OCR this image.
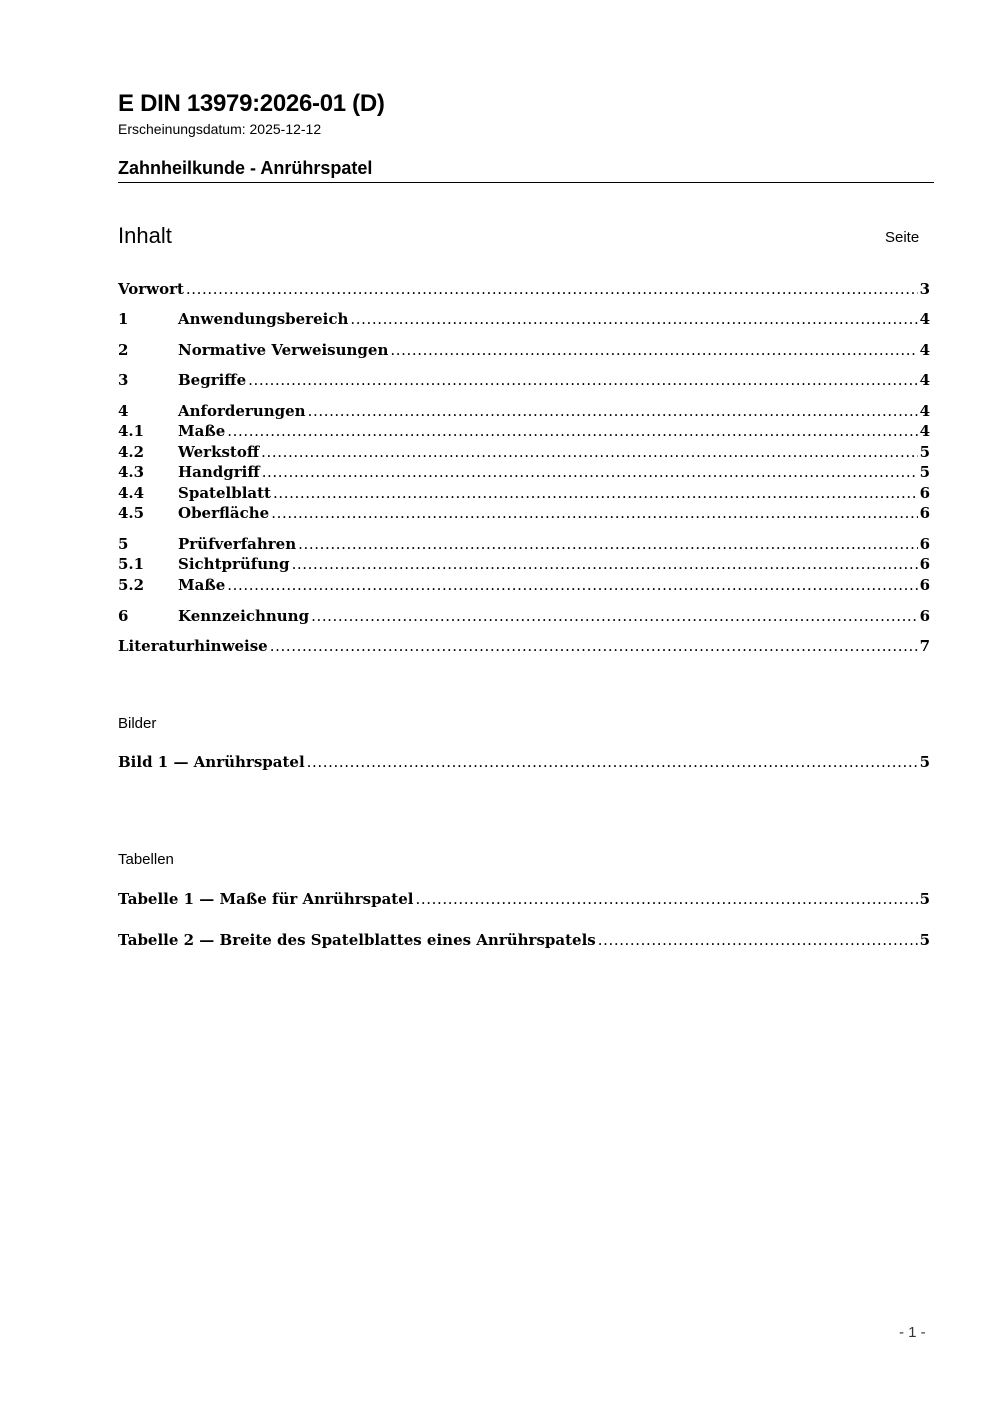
E DIN 13979:2026-01 (D)
Erscheinungsdatum: 2025-12-12
Zahnheilkunde - Anrührspatel
Inhalt	Seite
Vorwort .....	3
1	Anwendungsbereich .....	4
2	Normative Verweisungen .....	4
3	Begriffe .....	4
4	Anforderungen .....	4
4.1	Maße .....	4
4.2	Werkstoff .....	5
4.3	Handgriff .....	5
4.4	Spatelblatt .....	6
4.5	Oberfläche .....	6
5	Prüfverfahren .....	6
5.1	Sichtprüfung .....	6
5.2	Maße .....	6
6	Kennzeichnung .....	6
Literaturhinweise .....	7
Bilder
Bild 1 — Anrührspatel .....	5
Tabellen
Tabelle 1 — Maße für Anrührspatel .....	5
Tabelle 2 — Breite des Spatelblattes eines Anrührspatels .....	5
- 1 -
